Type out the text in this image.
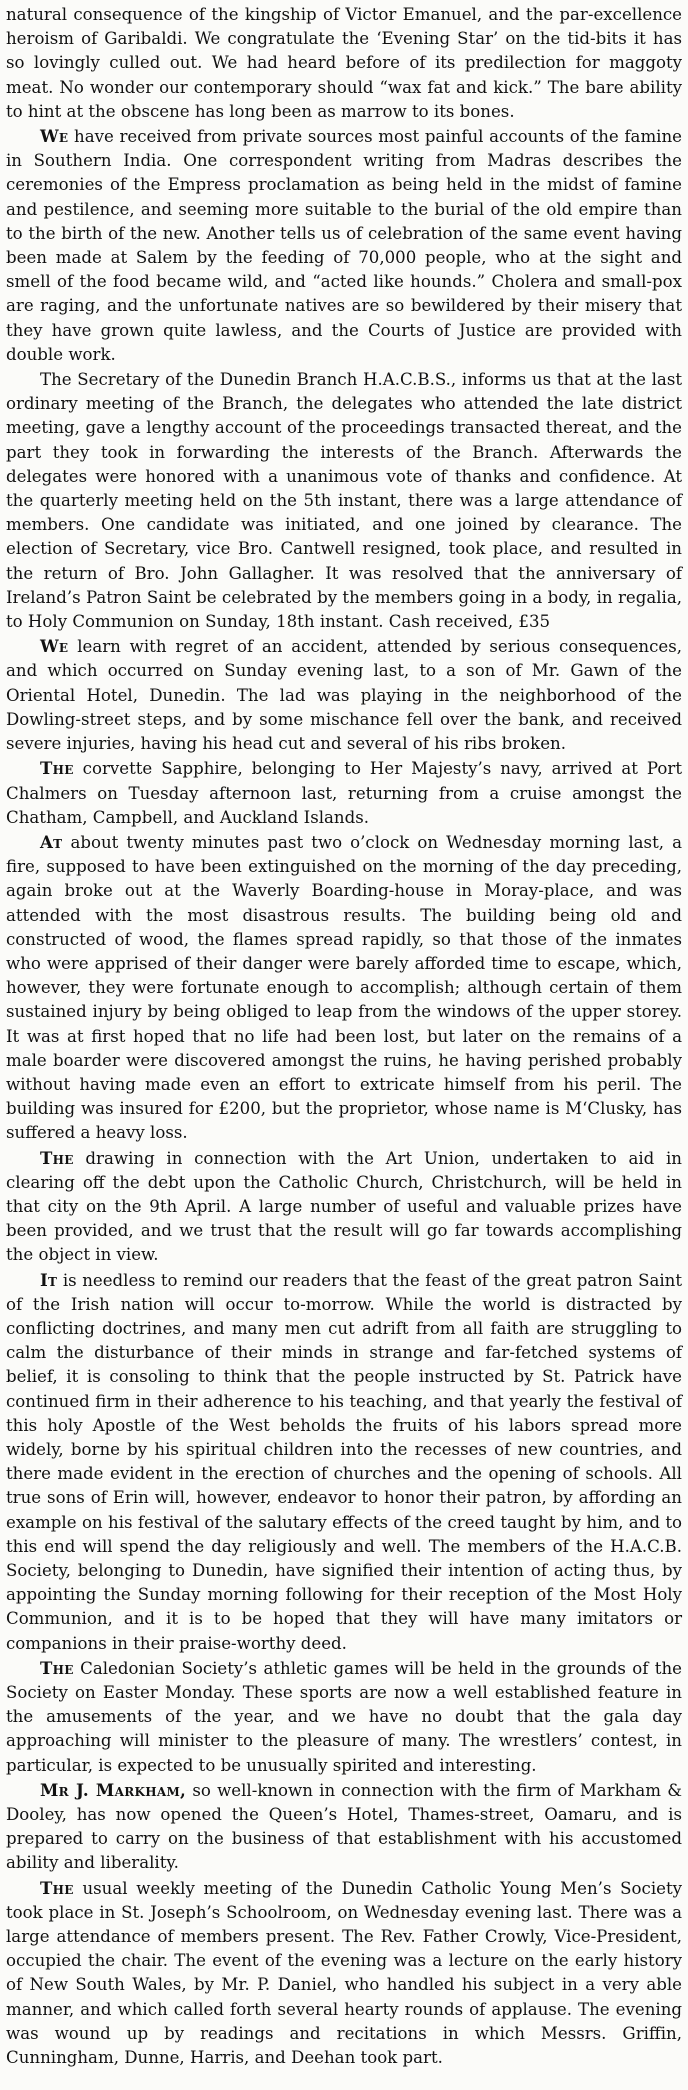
natural consequence of the kingship of Victor Emanuel, and the par-excellence heroism of Garibaldi. We congratulate the ‘Evening Star’ on the tid-bits it has so lovingly culled out. We had heard before of its predilection for maggoty meat. No wonder our contemporary should “wax fat and kick.” The bare ability to hint at the obscene has long been as marrow to its bones.

We have received from private sources most painful accounts of the famine in Southern India. One correspondent writing from Madras describes the ceremonies of the Empress proclamation as being held in the midst of famine and pestilence, and seeming more suitable to the burial of the old empire than to the birth of the new. Another tells us of celebration of the same event having been made at Salem by the feeding of 70,000 people, who at the sight and smell of the food became wild, and “acted like hounds.” Cholera and small-pox are raging, and the unfortunate natives are so bewildered by their misery that they have grown quite lawless, and the Courts of Justice are provided with double work.

The Secretary of the Dunedin Branch H.A.C.B.S., informs us that at the last ordinary meeting of the Branch, the delegates who attended the late district meeting, gave a lengthy account of the proceedings transacted thereat, and the part they took in forwarding the interests of the Branch. Afterwards the delegates were honored with a unanimous vote of thanks and confidence. At the quarterly meeting held on the 5th instant, there was a large attendance of members. One candidate was initiated, and one joined by clearance. The election of Secretary, vice Bro. Cantwell resigned, took place, and resulted in the return of Bro. John Gallagher. It was resolved that the anniversary of Ireland’s Patron Saint be celebrated by the members going in a body, in regalia, to Holy Communion on Sunday, 18th instant. Cash received, £35

We learn with regret of an accident, attended by serious consequences, and which occurred on Sunday evening last, to a son of Mr. Gawn of the Oriental Hotel, Dunedin. The lad was playing in the neighborhood of the Dowling-street steps, and by some mischance fell over the bank, and received severe injuries, having his head cut and several of his ribs broken.

The corvette Sapphire, belonging to Her Majesty’s navy, arrived at Port Chalmers on Tuesday afternoon last, returning from a cruise amongst the Chatham, Campbell, and Auckland Islands.

At about twenty minutes past two o’clock on Wednesday morning last, a fire, supposed to have been extinguished on the morning of the day preceding, again broke out at the Waverly Boarding-house in Moray-place, and was attended with the most disastrous results. The building being old and constructed of wood, the flames spread rapidly, so that those of the inmates who were apprised of their danger were barely afforded time to escape, which, however, they were fortunate enough to accomplish; although certain of them sustained injury by being obliged to leap from the windows of the upper storey. It was at first hoped that no life had been lost, but later on the remains of a male boarder were discovered amongst the ruins, he having perished probably without having made even an effort to extricate himself from his peril. The building was insured for £200, but the proprietor, whose name is M‘Clusky, has suffered a heavy loss.

The drawing in connection with the Art Union, undertaken to aid in clearing off the debt upon the Catholic Church, Christchurch, will be held in that city on the 9th April. A large number of useful and valuable prizes have been provided, and we trust that the result will go far towards accomplishing the object in view.

It is needless to remind our readers that the feast of the great patron Saint of the Irish nation will occur to-morrow. While the world is distracted by conflicting doctrines, and many men cut adrift from all faith are struggling to calm the disturbance of their minds in strange and far-fetched systems of belief, it is consoling to think that the people instructed by St. Patrick have continued firm in their adherence to his teaching, and that yearly the festival of this holy Apostle of the West beholds the fruits of his labors spread more widely, borne by his spiritual children into the recesses of new countries, and there made evident in the erection of churches and the opening of schools. All true sons of Erin will, however, endeavor to honor their patron, by affording an example on his festival of the salutary effects of the creed taught by him, and to this end will spend the day religiously and well. The members of the H.A.C.B. Society, belonging to Dunedin, have signified their intention of acting thus, by appointing the Sunday morning following for their reception of the Most Holy Communion, and it is to be hoped that they will have many imitators or companions in their praise-worthy deed.

The Caledonian Society’s athletic games will be held in the grounds of the Society on Easter Monday. These sports are now a well established feature in the amusements of the year, and we have no doubt that the gala day approaching will minister to the pleasure of many. The wrestlers’ contest, in particular, is expected to be unusually spirited and interesting.

Mr J. Markham, so well-known in connection with the firm of Markham & Dooley, has now opened the Queen’s Hotel, Thames-street, Oamaru, and is prepared to carry on the business of that establishment with his accustomed ability and liberality.

The usual weekly meeting of the Dunedin Catholic Young Men’s Society took place in St. Joseph’s Schoolroom, on Wednesday evening last. There was a large attendance of members present. The Rev. Father Crowly, Vice-President, occupied the chair. The event of the evening was a lecture on the early history of New South Wales, by Mr. P. Daniel, who handled his subject in a very able manner, and which called forth several hearty rounds of applause. The evening was wound up by readings and recitations in which Messrs. Griffin, Cunningham, Dunne, Harris, and Deehan took part.
